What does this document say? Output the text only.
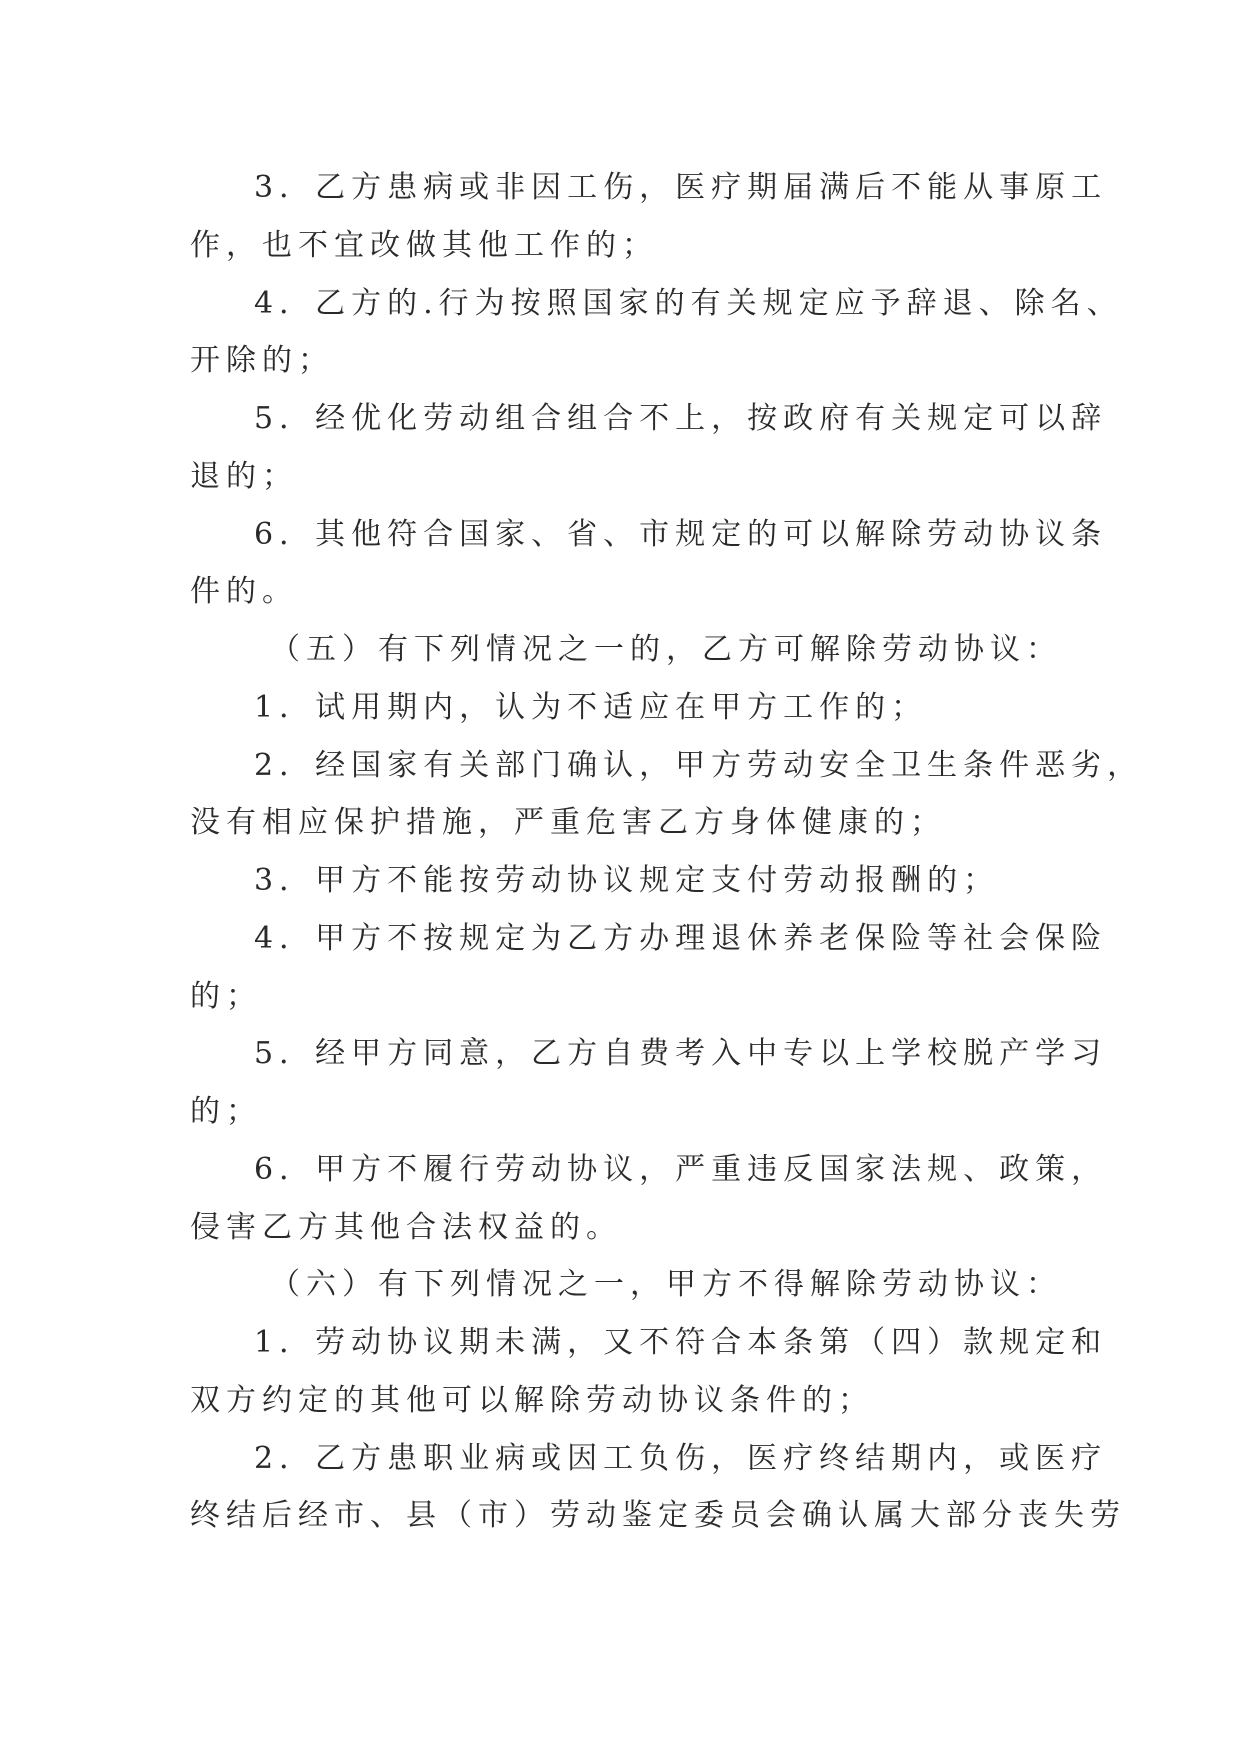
3．乙方患病或非因工伤，医疗期届满后不能从事原工
作，也不宜改做其他工作的；
4．乙方的.行为按照国家的有关规定应予辞退、除名、
开除的；
5．经优化劳动组合组合不上，按政府有关规定可以辞
退的；
6．其他符合国家、省、市规定的可以解除劳动协议条
件的。
（五）有下列情况之一的，乙方可解除劳动协议：
1．试用期内，认为不适应在甲方工作的；
2．经国家有关部门确认，甲方劳动安全卫生条件恶劣，
没有相应保护措施，严重危害乙方身体健康的；
3．甲方不能按劳动协议规定支付劳动报酬的；
4．甲方不按规定为乙方办理退休养老保险等社会保险
的；
5．经甲方同意，乙方自费考入中专以上学校脱产学习
的；
6．甲方不履行劳动协议，严重违反国家法规、政策，
侵害乙方其他合法权益的。
（六）有下列情况之一，甲方不得解除劳动协议：
1．劳动协议期未满，又不符合本条第（四）款规定和
双方约定的其他可以解除劳动协议条件的；
2．乙方患职业病或因工负伤，医疗终结期内，或医疗
终结后经市、县（市）劳动鉴定委员会确认属大部分丧失劳
